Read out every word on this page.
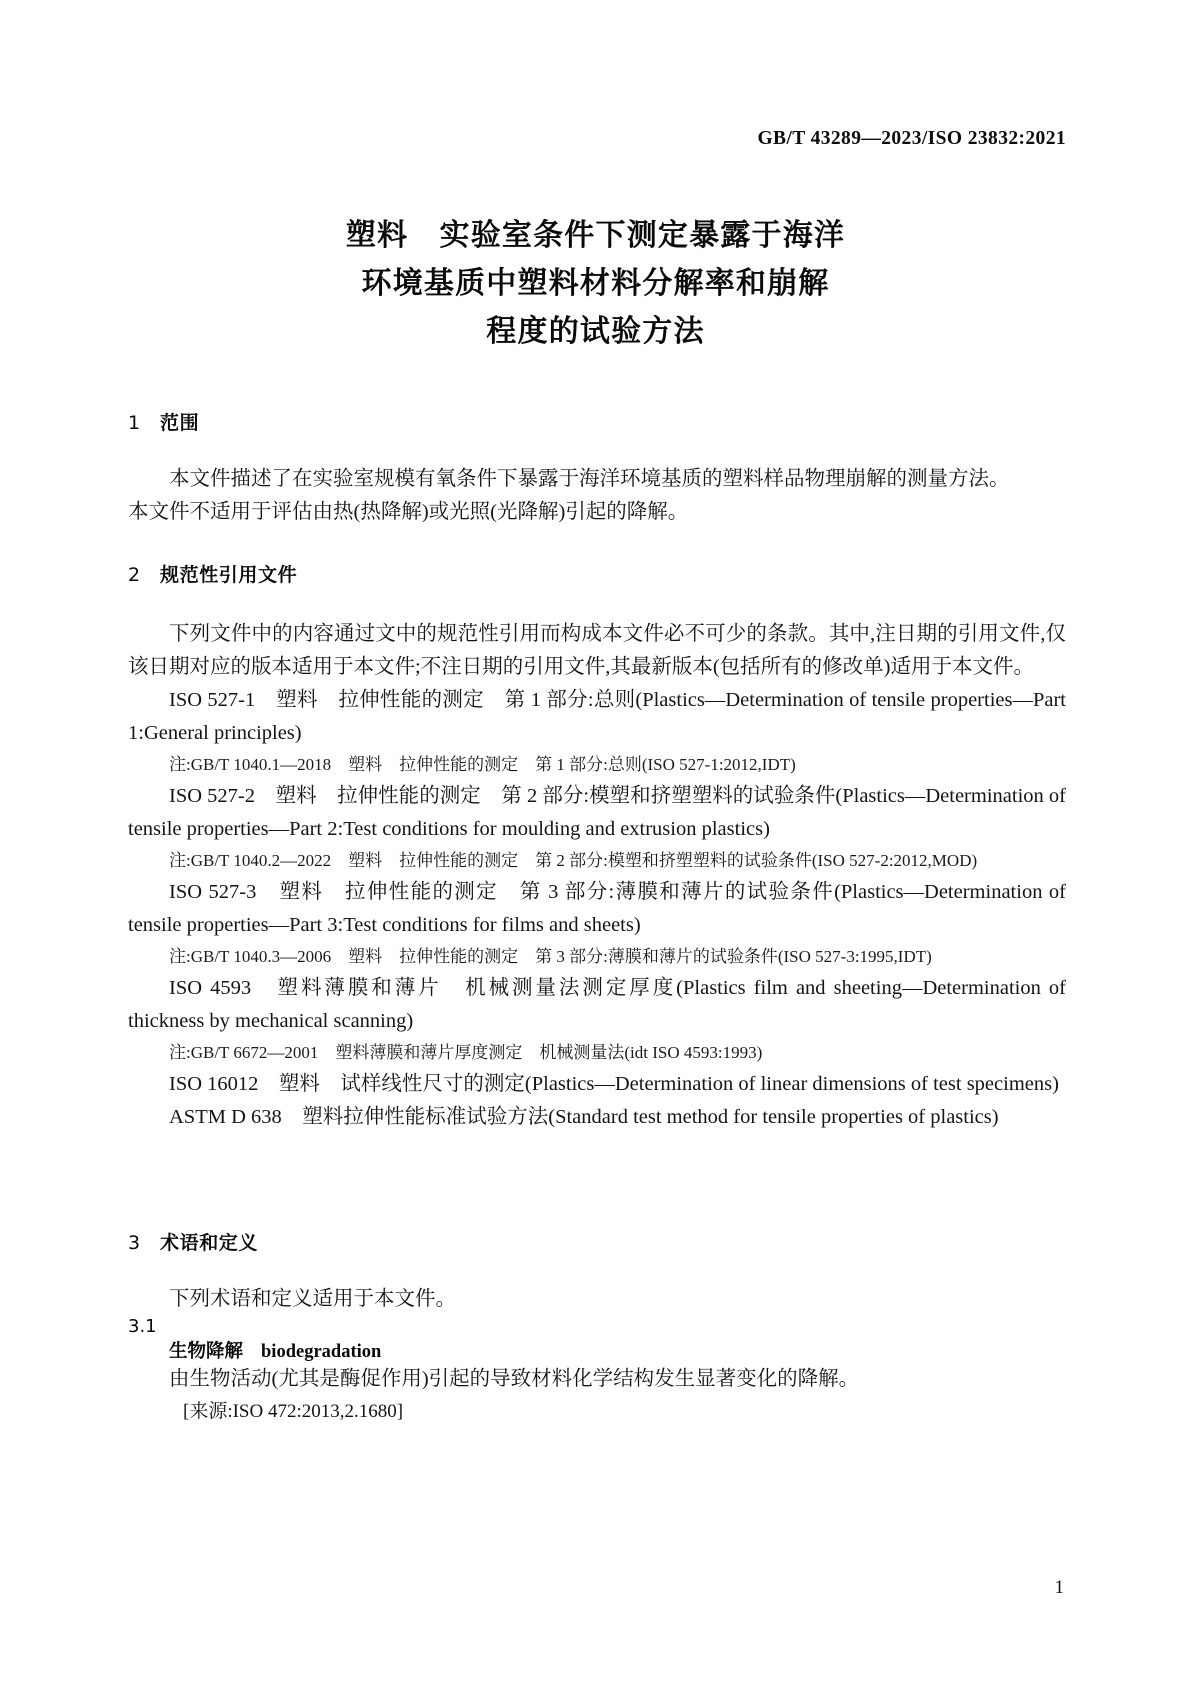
GB/T 43289—2023/ISO 23832:2021
塑料　实验室条件下测定暴露于海洋
环境基质中塑料材料分解率和崩解
程度的试验方法

1 范围

本文件描述了在实验室规模有氧条件下暴露于海洋环境基质的塑料样品物理崩解的测量方法。

本文件不适用于评估由热(热降解)或光照(光降解)引起的降解。

2 规范性引用文件

下列文件中的内容通过文中的规范性引用而构成本文件必不可少的条款。其中,注日期的引用文件,仅该日期对应的版本适用于本文件;不注日期的引用文件,其最新版本(包括所有的修改单)适用于本文件。

ISO 527-1　塑料　拉伸性能的测定　第 1 部分:总则(Plastics—Determination of tensile properties—Part 1:General principles)

注:GB/T 1040.1—2018　塑料　拉伸性能的测定　第 1 部分:总则(ISO 527-1:2012,IDT)

ISO 527-2　塑料　拉伸性能的测定　第 2 部分:模塑和挤塑塑料的试验条件(Plastics—Determination of tensile properties—Part 2:Test conditions for moulding and extrusion plastics)

注:GB/T 1040.2—2022　塑料　拉伸性能的测定　第 2 部分:模塑和挤塑塑料的试验条件(ISO 527-2:2012,MOD)

ISO 527-3　塑料　拉伸性能的测定　第 3 部分:薄膜和薄片的试验条件(Plastics—Determination of tensile properties—Part 3:Test conditions for films and sheets)

注:GB/T 1040.3—2006　塑料　拉伸性能的测定　第 3 部分:薄膜和薄片的试验条件(ISO 527-3:1995,IDT)

ISO 4593　塑料薄膜和薄片　机械测量法测定厚度(Plastics film and sheeting—Determination of thickness by mechanical scanning)

注:GB/T 6672—2001　塑料薄膜和薄片厚度测定　机械测量法(idt ISO 4593:1993)

ISO 16012　塑料　试样线性尺寸的测定(Plastics—Determination of linear dimensions of test specimens)

ASTM D 638　塑料拉伸性能标准试验方法(Standard test method for tensile properties of plastics)

3 术语和定义

下列术语和定义适用于本文件。

3.1

生物降解 biodegradation

由生物活动(尤其是酶促作用)引起的导致材料化学结构发生显著变化的降解。

[来源:ISO 472:2013,2.1680]

1
